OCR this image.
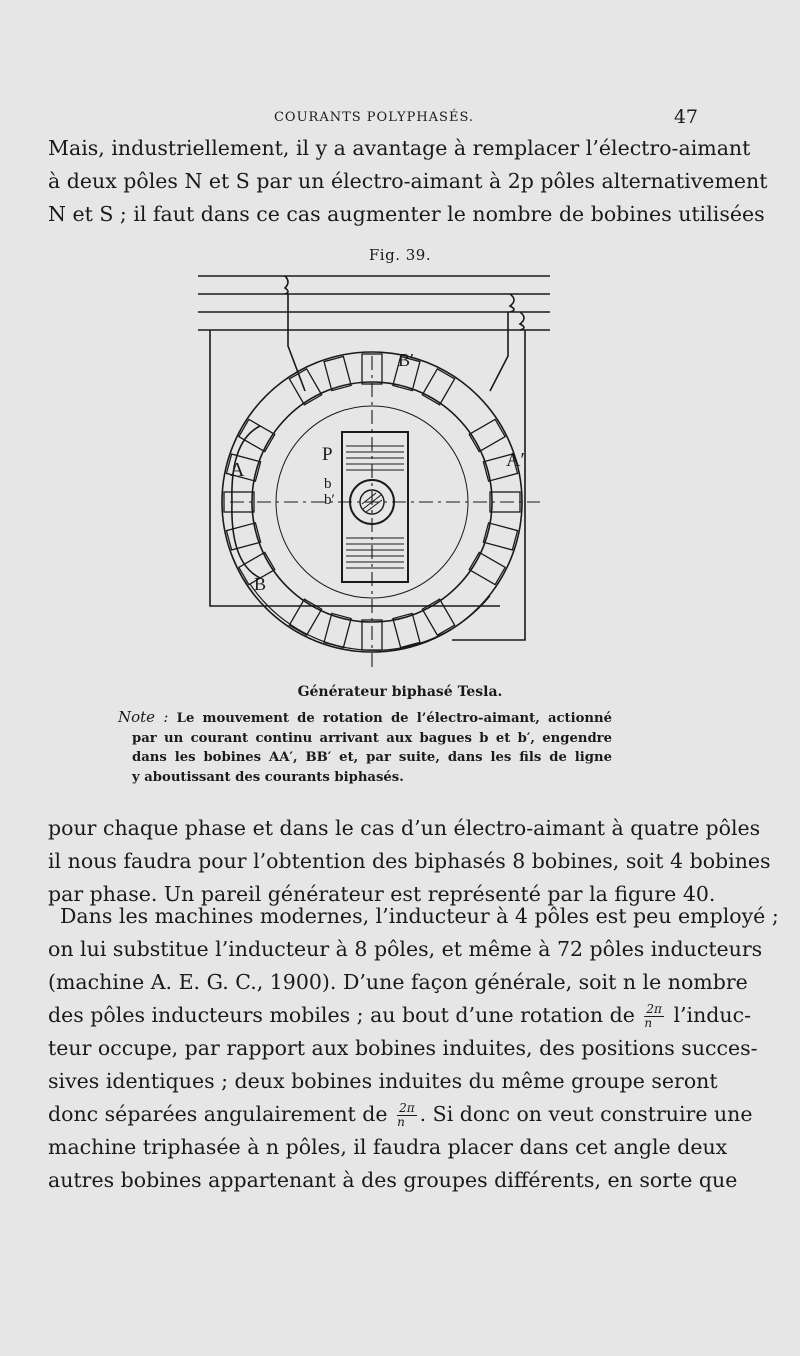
COURANTS POLYPHASÉS.	47

Mais, industriellement, il y a avantage à remplacer l’électro-aimant
à deux pôles N et S par un électro-aimant à 2p pôles alternativement
N et S ; il faut dans ce cas augmenter le nombre de bobines utilisées

Fig. 39.
A	A′
B
B′
P
b
b′
Générateur biphasé Tesla.

Note : Le mouvement de rotation de l’électro-aimant, actionné
par un courant continu arrivant aux bagues b et b′, engendre
dans les bobines AA′, BB′ et, par suite, dans les fils de ligne
y aboutissant des courants biphasés.

pour chaque phase et dans le cas d’un électro-aimant à quatre pôles
il nous faudra pour l’obtention des biphasés 8 bobines, soit 4 bobines
par phase. Un pareil générateur est représenté par la figure 40.

Dans les machines modernes, l’inducteur à 4 pôles est peu employé ;
on lui substitue l’inducteur à 8 pôles, et même à 72 pôles inducteurs
(machine A. E. G. C., 1900). D’une façon générale, soit n le nombre
des pôles inducteurs mobiles ; au bout d’une rotation de $\frac{2\pi}{n}$ l’induc-
teur occupe, par rapport aux bobines induites, des positions succes-
sives identiques ; deux bobines induites du même groupe seront
donc séparées angulairement de $\frac{2\pi}{n}$ . Si donc on veut construire une
machine triphasée à n pôles, il faudra placer dans cet angle deux
autres bobines appartenant à des groupes différents, en sorte que
